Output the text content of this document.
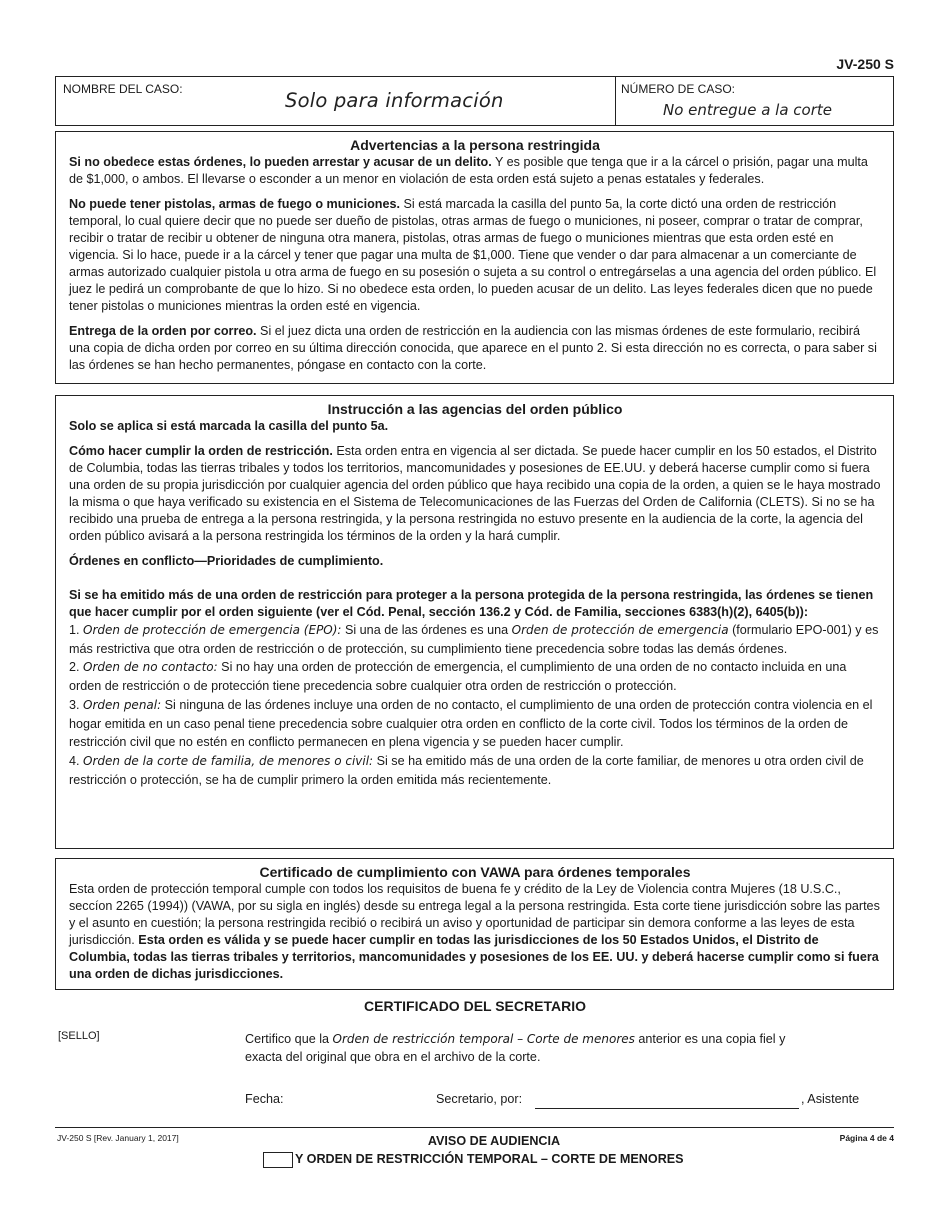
JV-250 S
NOMBRE DEL CASO:	Solo para información	NÚMERO DE CASO:
No entregue a la corte
Advertencias a la persona restringida

Si no obedece estas órdenes, lo pueden arrestar y acusar de un delito. Y es posible que tenga que ir a la cárcel o prisión, pagar una multa de $1,000, o ambos. El llevarse o esconder a un menor en violación de esta orden está sujeto a penas estatales y federales.

No puede tener pistolas, armas de fuego o municiones. Si está marcada la casilla del punto 5a, la corte dictó una orden de restricción temporal, lo cual quiere decir que no puede ser dueño de pistolas, otras armas de fuego o municiones, ni poseer, comprar o tratar de comprar, recibir o tratar de recibir u obtener de ninguna otra manera, pistolas, otras armas de fuego o municiones mientras que esta orden esté en vigencia. Si lo hace, puede ir a la cárcel y tener que pagar una multa de $1,000. Tiene que vender o dar para almacenar a un comerciante de armas autorizado cualquier pistola u otra arma de fuego en su posesión o sujeta a su control o entregárselas a una agencia del orden público. El juez le pedirá un comprobante de que lo hizo. Si no obedece esta orden, lo pueden acusar de un delito. Las leyes federales dicen que no puede tener pistolas o municiones mientras la orden esté en vigencia.

Entrega de la orden por correo. Si el juez dicta una orden de restricción en la audiencia con las mismas órdenes de este formulario, recibirá una copia de dicha orden por correo en su última dirección conocida, que aparece en el punto 2. Si esta dirección no es correcta, o para saber si las órdenes se han hecho permanentes, póngase en contacto con la corte.

Instrucción a las agencias del orden público

Solo se aplica si está marcada la casilla del punto 5a.

Cómo hacer cumplir la orden de restricción. Esta orden entra en vigencia al ser dictada. Se puede hacer cumplir en los 50 estados, el Distrito de Columbia, todas las tierras tribales y todos los territorios, mancomunidades y posesiones de EE.UU. y deberá hacerse cumplir como si fuera una orden de su propia jurisdicción por cualquier agencia del orden público que haya recibido una copia de la orden, a quien se le haya mostrado la misma o que haya verificado su existencia en el Sistema de Telecomunicaciones de las Fuerzas del Orden de California (CLETS). Si no se ha recibido una prueba de entrega a la persona restringida, y la persona restringida no estuvo presente en la audiencia de la corte, la agencia del orden público avisará a la persona restringida los términos de la orden y la hará cumplir.

Órdenes en conflicto—Prioridades de cumplimiento.

Si se ha emitido más de una orden de restricción para proteger a la persona protegida de la persona restringida, las órdenes se tienen que hacer cumplir por el orden siguiente (ver el Cód. Penal, sección 136.2 y Cód. de Familia, secciones 6383(h)(2), 6405(b)):

1. Orden de protección de emergencia (EPO): Si una de las órdenes es una Orden de protección de emergencia (formulario EPO-001) y es más restrictiva que otra orden de restricción o de protección, su cumplimiento tiene precedencia sobre todas las demás órdenes.

2. Orden de no contacto: Si no hay una orden de protección de emergencia, el cumplimiento de una orden de no contacto incluida en una orden de restricción o de protección tiene precedencia sobre cualquier otra orden de restricción o protección.

3. Orden penal: Si ninguna de las órdenes incluye una orden de no contacto, el cumplimiento de una orden de protección contra violencia en el hogar emitida en un caso penal tiene precedencia sobre cualquier otra orden en conflicto de la corte civil. Todos los términos de la orden de restricción civil que no estén en conflicto permanecen en plena vigencia y se pueden hacer cumplir.

4. Orden de la corte de familia, de menores o civil: Si se ha emitido más de una orden de la corte familiar, de menores u otra orden civil de restricción o protección, se ha de cumplir primero la orden emitida más recientemente.

Certificado de cumplimiento con VAWA para órdenes temporales

Esta orden de protección temporal cumple con todos los requisitos de buena fe y crédito de la Ley de Violencia contra Mujeres (18 U.S.C., seccíon 2265 (1994)) (VAWA, por su sigla en inglés) desde su entrega legal a la persona restringida. Esta corte tiene jurisdicción sobre las partes y el asunto en cuestión; la persona restringida recibió o recibirá un aviso y oportunidad de participar sin demora conforme a las leyes de esta jurisdicción. Esta orden es válida y se puede hacer cumplir en todas las jurisdicciones de los 50 Estados Unidos, el Distrito de Columbia, todas las tierras tribales y territorios, mancomunidades y posesiones de los EE. UU. y deberá hacerse cumplir como si fuera una orden de dichas jurisdicciones.

CERTIFICADO DEL SECRETARIO
[SELLO]	Certifico que la Orden de restricción temporal – Corte de menores anterior es una copia fiel y exacta del original que obra en el archivo de la corte.
Fecha:	Secretario, por:	, Asistente
JV-250 S [Rev. January 1, 2017]	AVISO DE AUDIENCIA
Y ORDEN DE RESTRICCIÓN TEMPORAL – CORTE DE MENORES
Página 4 de 4
